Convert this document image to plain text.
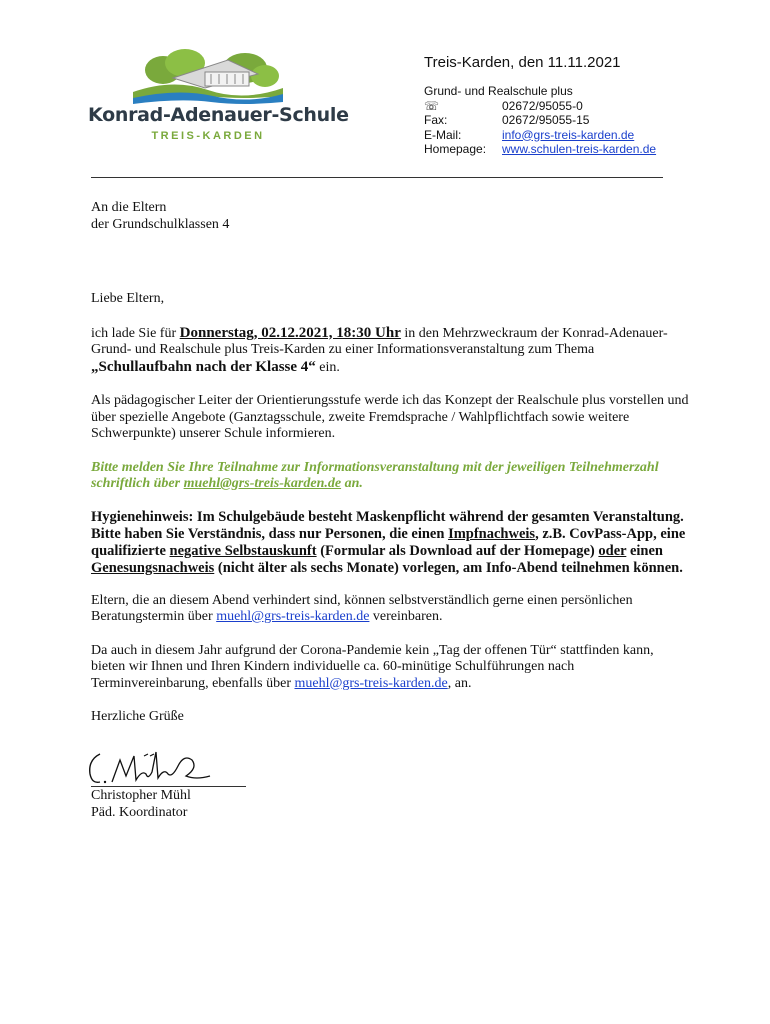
Konrad-Adenauer-Schule
TREIS-KARDEN
Treis-Karden, den 11.11.2021
Grund- und Realschule plus
☏	02672/95055-0
Fax:	02672/95055-15
E-Mail:	info@grs-treis-karden.de
Homepage:	www.schulen-treis-karden.de

An die Eltern

der Grundschulklassen 4

Liebe Eltern,

ich lade Sie für Donnerstag, 02.12.2021, 18:30 Uhr in den Mehrzweckraum der Konrad-Adenauer-Grund- und Realschule plus Treis-Karden zu einer Informationsveranstaltung zum Thema „Schullaufbahn nach der Klasse 4“ ein.

Als pädagogischer Leiter der Orientierungsstufe werde ich das Konzept der Realschule plus vorstellen und über spezielle Angebote (Ganztagsschule, zweite Fremdsprache / Wahlpflichtfach sowie weitere Schwerpunkte) unserer Schule informieren.

Bitte melden Sie Ihre Teilnahme zur Informationsveranstaltung mit der jeweiligen Teilnehmerzahl schriftlich über muehl@grs-treis-karden.de an.

Hygienehinweis: Im Schulgebäude besteht Maskenpflicht während der gesamten Veranstaltung. Bitte haben Sie Verständnis, dass nur Personen, die einen Impfnachweis, z.B. CovPass-App, eine qualifizierte negative Selbstauskunft (Formular als Download auf der Homepage) oder einen Genesungsnachweis (nicht älter als sechs Monate) vorlegen, am Info-Abend teilnehmen können.

Eltern, die an diesem Abend verhindert sind, können selbstverständlich gerne einen persönlichen Beratungstermin über muehl@grs-treis-karden.de vereinbaren.

Da auch in diesem Jahr aufgrund der Corona-Pandemie kein „Tag der offenen Tür“ stattfinden kann, bieten wir Ihnen und Ihren Kindern individuelle ca. 60-minütige Schulführungen nach Terminvereinbarung, ebenfalls über muehl@grs-treis-karden.de, an.

Herzliche Grüße

Christopher Mühl

Päd. Koordinator
